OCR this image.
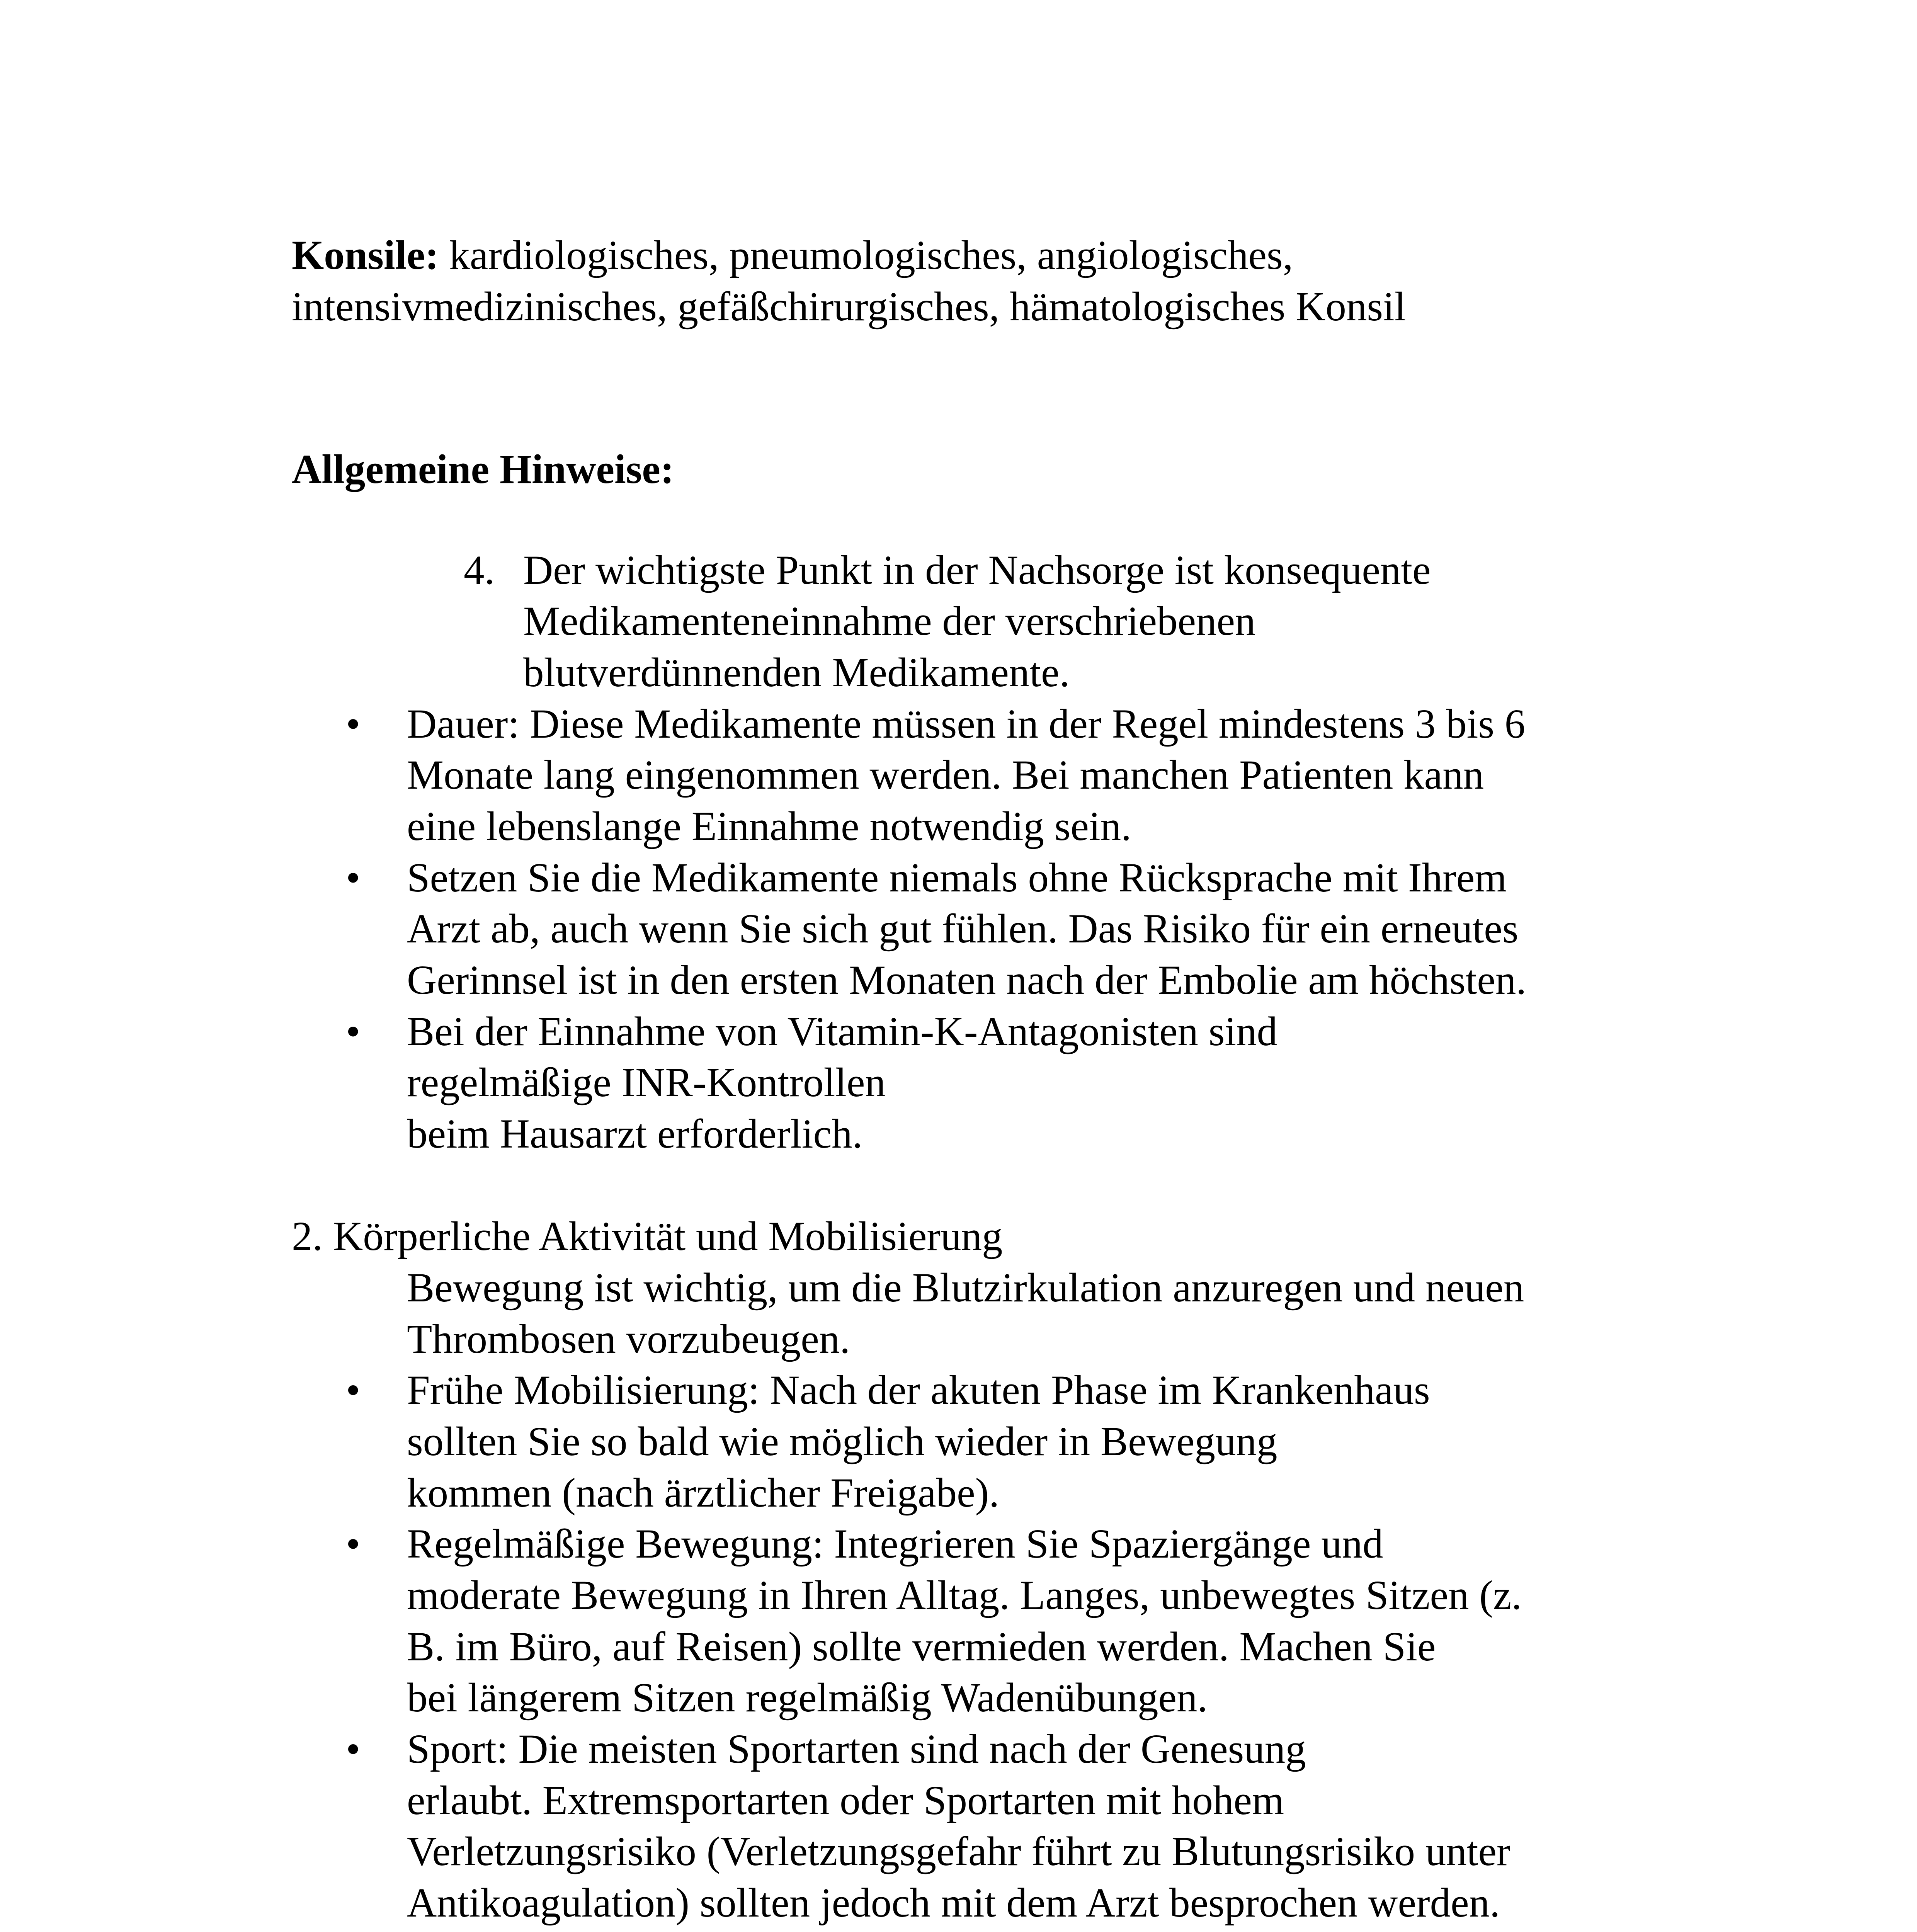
Konsile: kardiologisches, pneumologisches, angiologisches,
intensivmedizinisches, gefäßchirurgisches, hämatologisches Konsil
Allgemeine Hinweise:
4. Der wichtigste Punkt in der Nachsorge ist konsequente
Medikamenteneinnahme der verschriebenen
blutverdünnenden Medikamente.
• Dauer: Diese Medikamente müssen in der Regel mindestens 3 bis 6
Monate lang eingenommen werden. Bei manchen Patienten kann
eine lebenslange Einnahme notwendig sein.
• Setzen Sie die Medikamente niemals ohne Rücksprache mit Ihrem
Arzt ab, auch wenn Sie sich gut fühlen. Das Risiko für ein erneutes
Gerinnsel ist in den ersten Monaten nach der Embolie am höchsten.
• Bei der Einnahme von Vitamin-K-Antagonisten sind
regelmäßige INR-Kontrollen
beim Hausarzt erforderlich.
2. Körperliche Aktivität und Mobilisierung
Bewegung ist wichtig, um die Blutzirkulation anzuregen und neuen
Thrombosen vorzubeugen.
• Frühe Mobilisierung: Nach der akuten Phase im Krankenhaus
sollten Sie so bald wie möglich wieder in Bewegung
kommen (nach ärztlicher Freigabe).
• Regelmäßige Bewegung: Integrieren Sie Spaziergänge und
moderate Bewegung in Ihren Alltag. Langes, unbewegtes Sitzen (z.
B. im Büro, auf Reisen) sollte vermieden werden. Machen Sie
bei längerem Sitzen regelmäßig Wadenübungen.
• Sport: Die meisten Sportarten sind nach der Genesung
erlaubt. Extremsportarten oder Sportarten mit hohem
Verletzungsrisiko (Verletzungsgefahr führt zu Blutungsrisiko unter
Antikoagulation) sollten jedoch mit dem Arzt besprochen werden.
